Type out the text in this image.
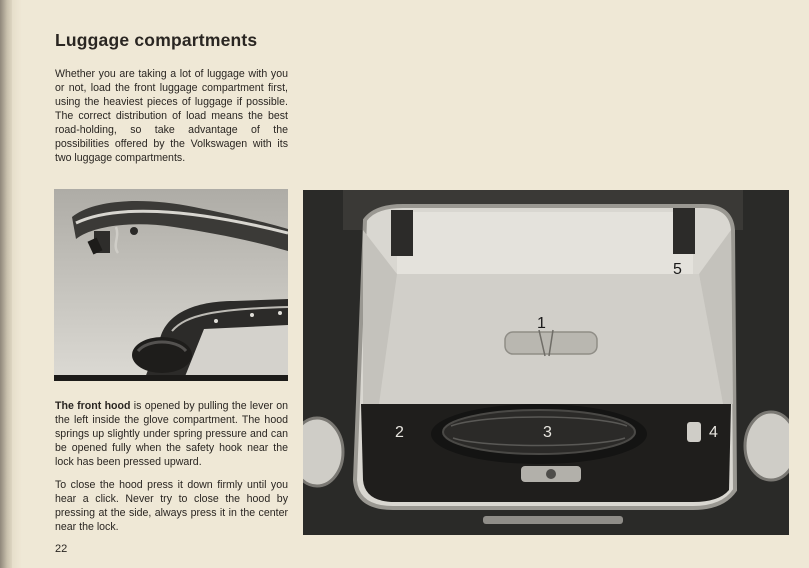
Luggage compartments
Whether you are taking a lot of luggage with you or not, load the front luggage compartment first, using the heaviest pieces of luggage if possible. The correct distribution of load means the best road-holding, so take advantage of the possibilities offered by the Volkswagen with its two luggage compartments.
1
2	3	4
5

The front hood is opened by pulling the lever on the left inside the glove compartment. The hood springs up slightly under spring pressure and can be opened fully when the safety hook near the lock has been pressed upward.

To close the hood press it down firmly until you hear a click. Never try to close the hood by pressing at the side, always press it in the center near the lock.

22
